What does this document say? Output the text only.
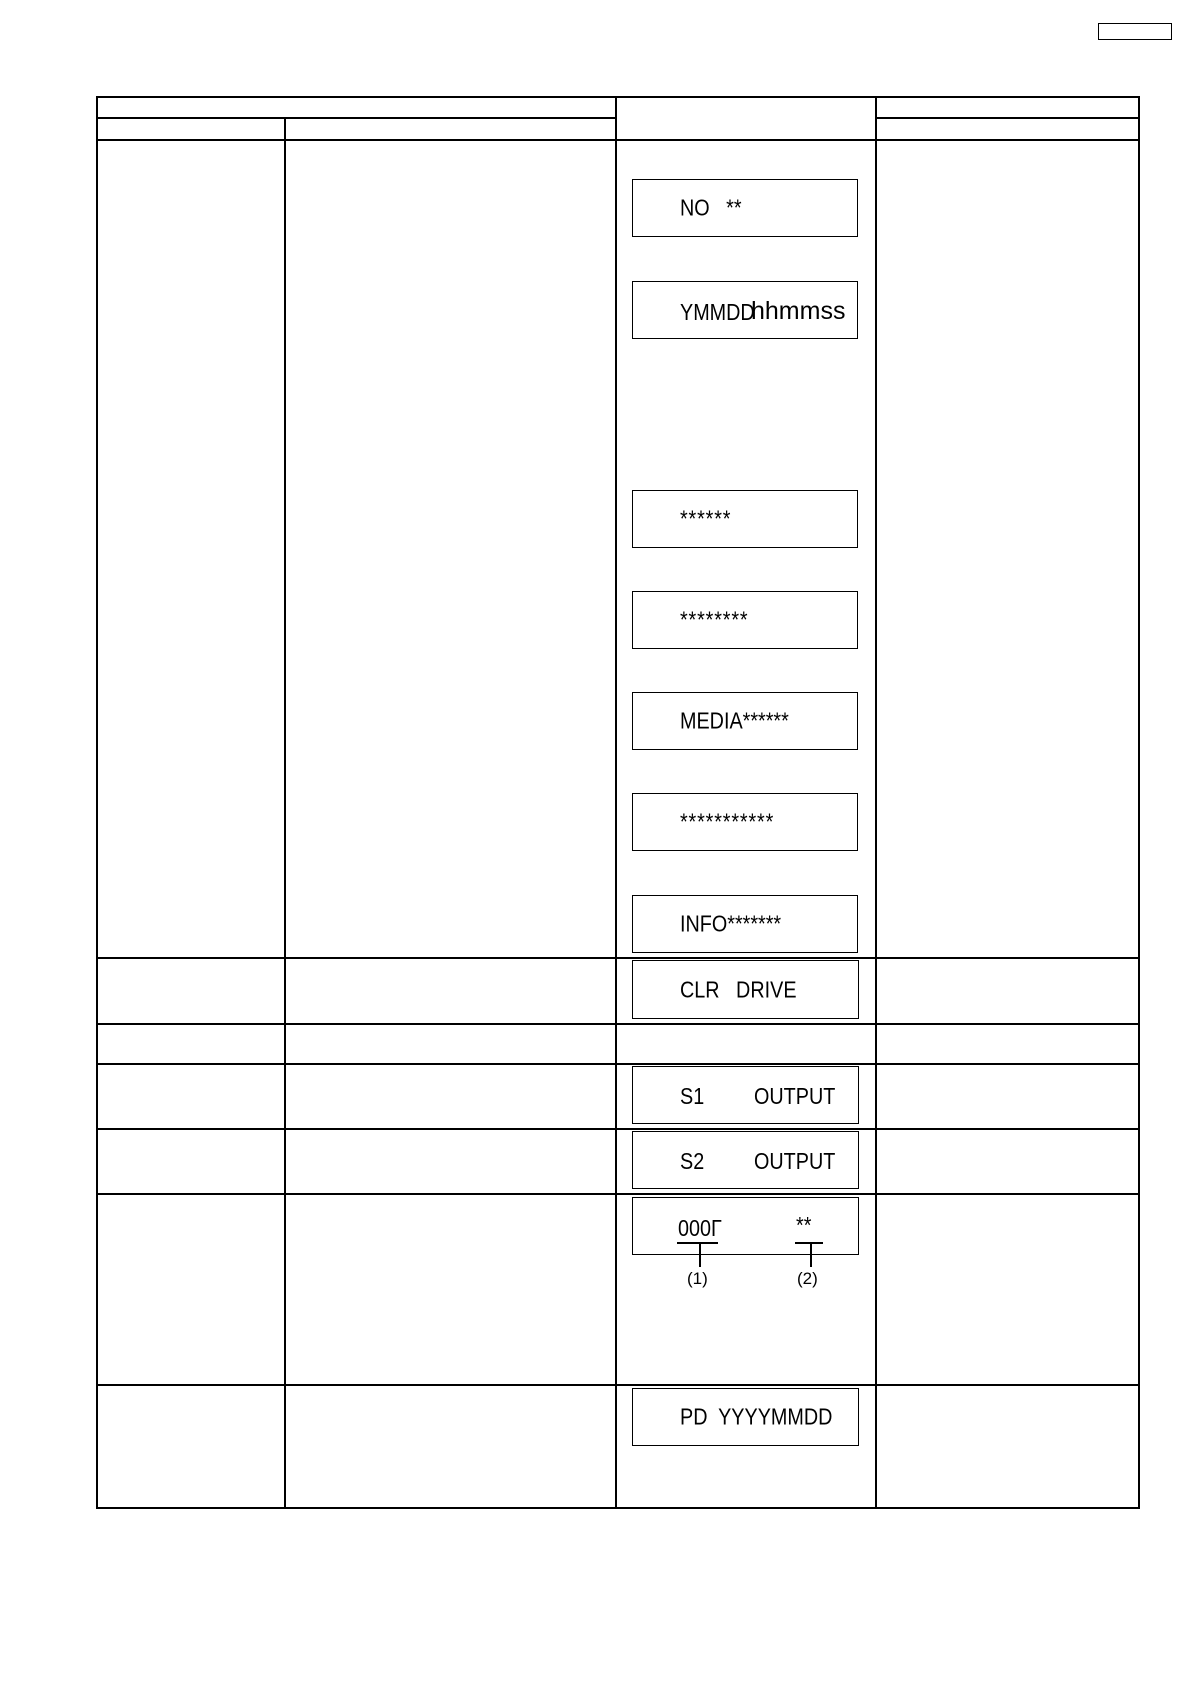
NO   **
YMMDD
hhmmss
******
********
MEDIA******
***********
INFO*******
CLR   DRIVE
S1 OUTPUT
S2 OUTPUT
000Γ	**
(1)	(2)
PD  YYYYMMDD
